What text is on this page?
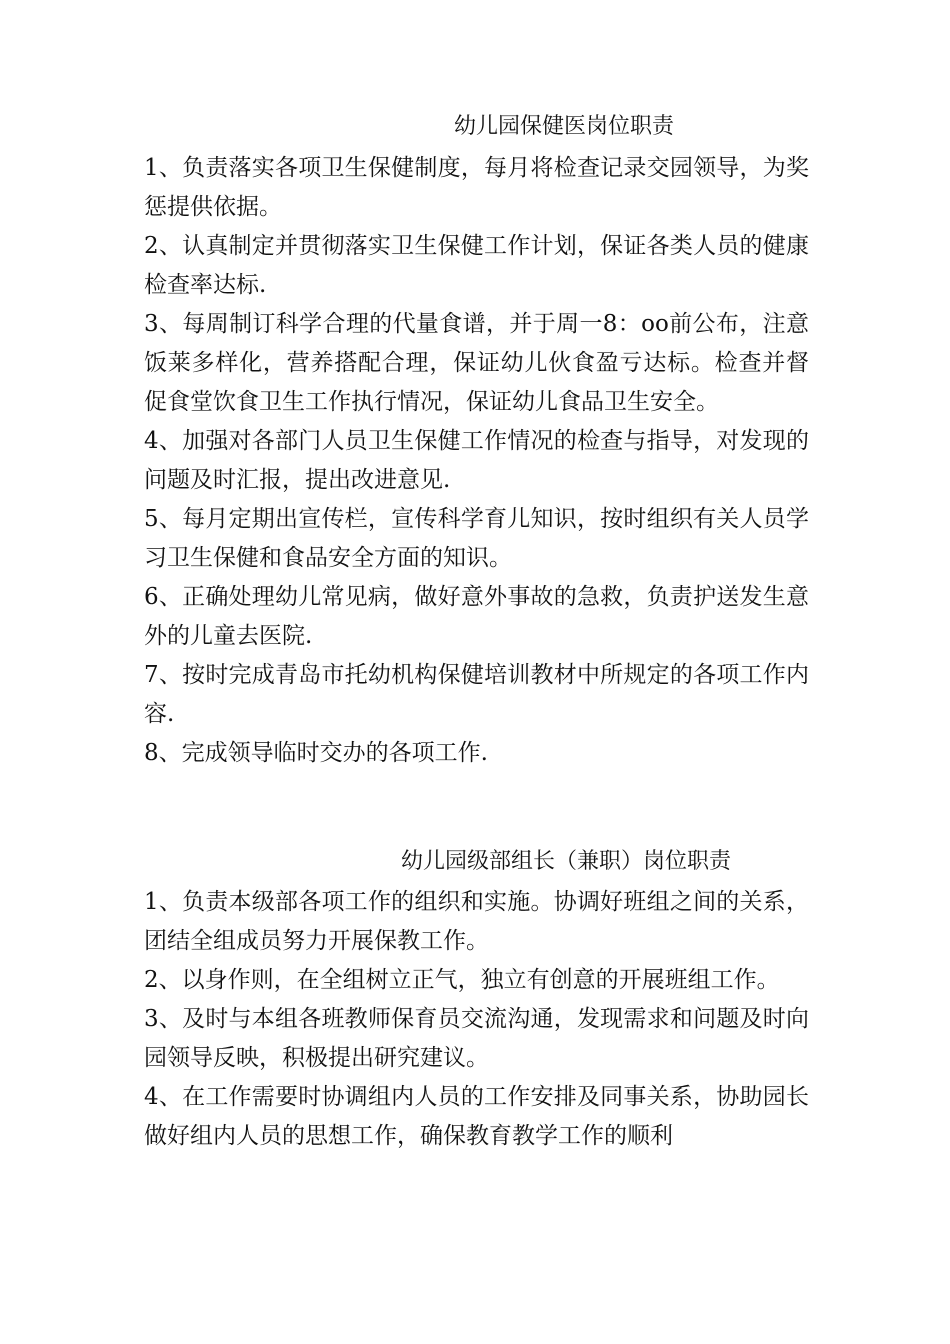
幼儿园保健医岗位职责

1、负责落实各项卫生保健制度，每月将检查记录交园领导，为奖惩提供依据。

2、认真制定并贯彻落实卫生保健工作计划，保证各类人员的健康检查率达标.

3、每周制订科学合理的代量食谱，并于周一8：oo前公布，注意饭莱多样化，营养搭配合理，保证幼儿伙食盈亏达标。检查并督促食堂饮食卫生工作执行情况，保证幼儿食品卫生安全。

4、加强对各部门人员卫生保健工作情况的检查与指导，对发现的问题及时汇报，提出改进意见.

5、每月定期出宣传栏，宣传科学育儿知识，按时组织有关人员学习卫生保健和食品安全方面的知识。

6、正确处理幼儿常见病，做好意外事故的急救，负责护送发生意外的儿童去医院.

7、按时完成青岛市托幼机构保健培训教材中所规定的各项工作内容.

8、完成领导临时交办的各项工作.

幼儿园级部组长（兼职）岗位职责

1、负责本级部各项工作的组织和实施。协调好班组之间的关系，团结全组成员努力开展保教工作。

2、以身作则，在全组树立正气，独立有创意的开展班组工作。

3、及时与本组各班教师保育员交流沟通，发现需求和问题及时向园领导反映，积极提出研究建议。

4、在工作需要时协调组内人员的工作安排及同事关系，协助园长做好组内人员的思想工作，确保教育教学工作的顺利
